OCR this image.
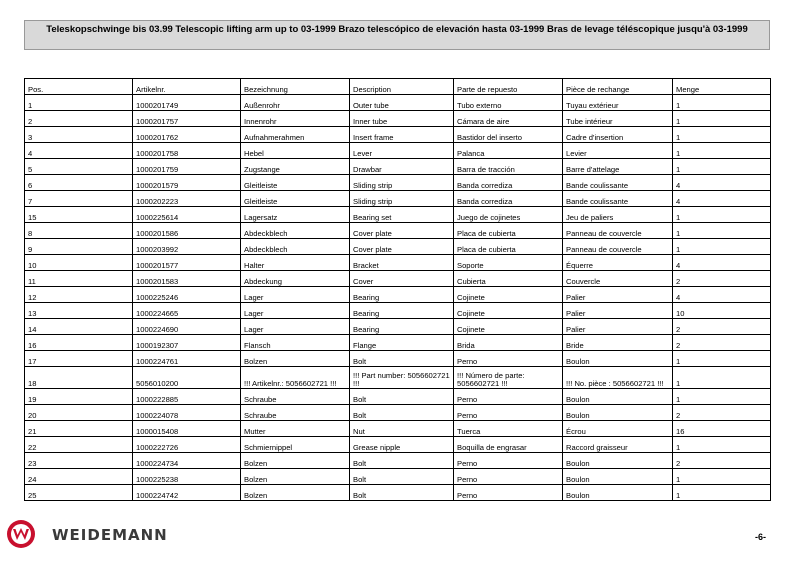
Teleskopschwinge bis 03.99 Telescopic lifting arm up to 03-1999 Brazo telescópico de elevación hasta 03-1999 Bras de levage téléscopique jusqu'à 03-1999
Pos.	Artikelnr.	Bezeichnung	Description	Parte de repuesto	Pièce de rechange	Menge
1	1000201749	Außenrohr	Outer tube	Tubo externo	Tuyau extérieur	1
2	1000201757	Innenrohr	Inner tube	Cámara de aire	Tube intérieur	1
3	1000201762	Aufnahmerahmen	Insert frame	Bastidor del inserto	Cadre d'insertion	1
4	1000201758	Hebel	Lever	Palanca	Levier	1
5	1000201759	Zugstange	Drawbar	Barra de tracción	Barre d'attelage	1
6	1000201579	Gleitleiste	Sliding strip	Banda corrediza	Bande coulissante	4
7	1000202223	Gleitleiste	Sliding strip	Banda corrediza	Bande coulissante	4
15	1000225614	Lagersatz	Bearing set	Juego de cojinetes	Jeu de paliers	1
8	1000201586	Abdeckblech	Cover plate	Placa de cubierta	Panneau de couvercle	1
9	1000203992	Abdeckblech	Cover plate	Placa de cubierta	Panneau de couvercle	1
10	1000201577	Halter	Bracket	Soporte	Équerre	4
11	1000201583	Abdeckung	Cover	Cubierta	Couvercle	2
12	1000225246	Lager	Bearing	Cojinete	Palier	4
13	1000224665	Lager	Bearing	Cojinete	Palier	10
14	1000224690	Lager	Bearing	Cojinete	Palier	2
16	1000192307	Flansch	Flange	Brida	Bride	2
17	1000224761	Bolzen	Bolt	Perno	Boulon	1
18	5056010200	!!! Artikelnr.: 5056602721 !!!	!!! Part number: 5056602721 !!!	!!! Número de parte: 5056602721 !!!	!!! No. pièce : 5056602721 !!!	1
19	1000222885	Schraube	Bolt	Perno	Boulon	1
20	1000224078	Schraube	Bolt	Perno	Boulon	2
21	1000015408	Mutter	Nut	Tuerca	Écrou	16
22	1000222726	Schmiernippel	Grease nipple	Boquilla de engrasar	Raccord graisseur	1
23	1000224734	Bolzen	Bolt	Perno	Boulon	2
24	1000225238	Bolzen	Bolt	Perno	Boulon	1
25	1000224742	Bolzen	Bolt	Perno	Boulon	1
WEIDEMANN	-6-
